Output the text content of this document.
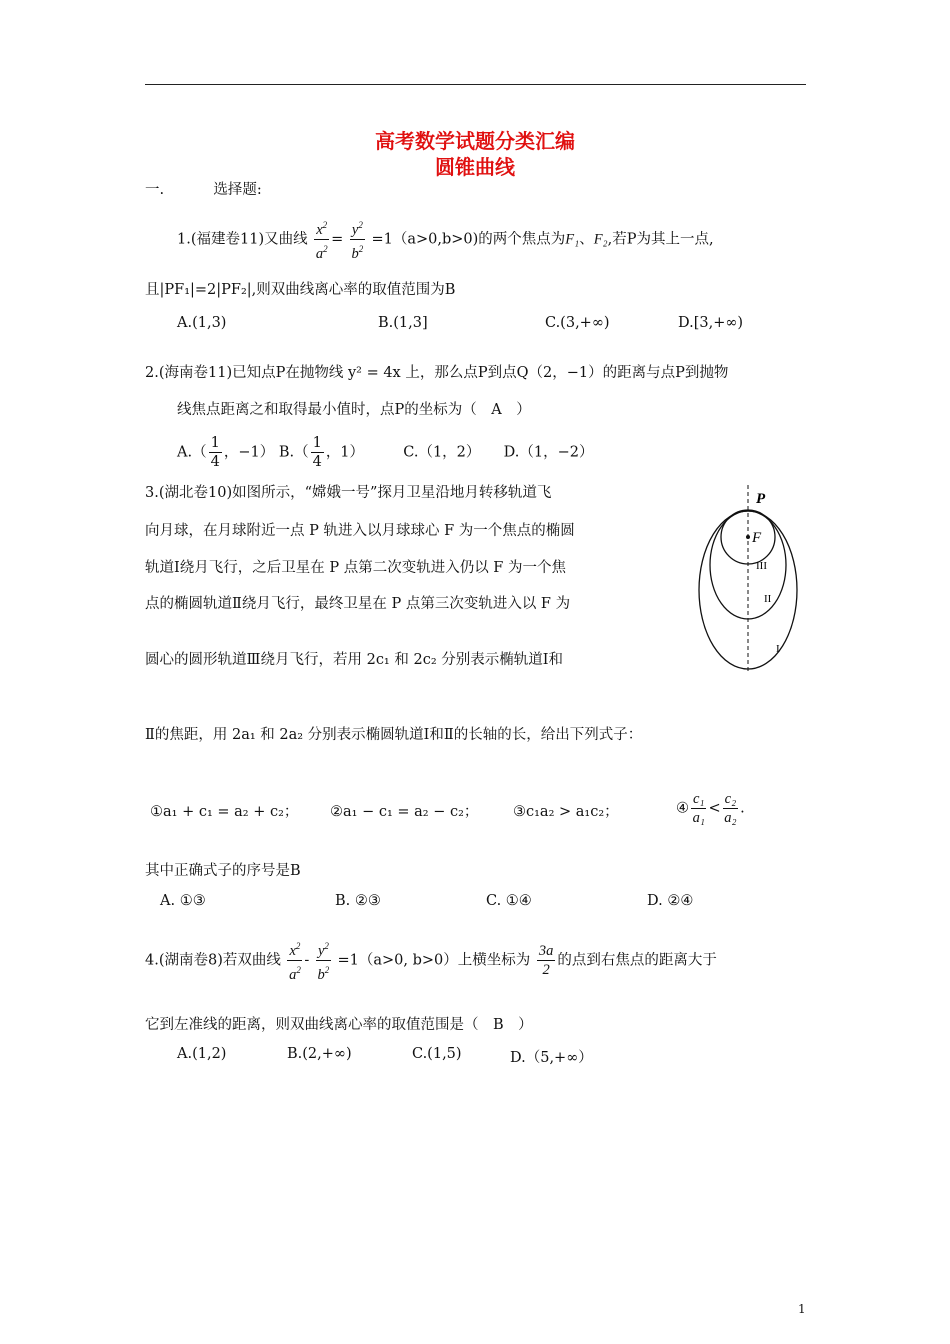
高考数学试题分类汇编
圆锥曲线
一.	选择题:
1.(福建卷11)又曲线 $\frac{x^2}{a^2} = \frac{y^2}{b^2} =1(a>0,b>0)$的两个焦点为F₁、F₂,若P为其上一点,
且|PF₁|=2|PF₂|,则双曲线离心率的取值范围为B
A.(1,3)	B.(1,3]	C.(3,+∞)	D.[3,+∞)
2.(海南卷11)已知点P在抛物线 y² = 4x 上，那么点P到点Q（2，−1）的距离与点P到抛物
线焦点距离之和取得最小值时，点P的坐标为（　A　）
$A.( \frac{1}{4}$ ，−1） $B.( \frac{1}{4}$ ，1）	C.（1，2） D.（1，−2）
3.(湖北卷10)如图所示，“嫦娥一号”探月卫星沿地月转移轨道飞
向月球，在月球附近一点 P 轨进入以月球球心 F 为一个焦点的椭圆
轨道Ⅰ绕月飞行，之后卫星在 P 点第二次变轨进入仍以 F 为一个焦
点的椭圆轨道Ⅱ绕月飞行，最终卫星在 P 点第三次变轨进入以 F 为
圆心的圆形轨道Ⅲ绕月飞行，若用 2c₁ 和 2c₂ 分别表示椭轨道Ⅰ和
Ⅱ的焦距，用 2a₁ 和 2a₂ 分别表示椭圆轨道Ⅰ和Ⅱ的长轴的长，给出下列式子：
P
F
III
II
I
①a₁ + c₁ = a₂ + c₂； ②a₁ − c₁ = a₂ − c₂； ③c₁a₂ > a₁c₂；	④ $\frac{\text{c₁}}{\text{a₁}} < \frac{\text{c₂}}{\text{a₂}}$ .
其中正确式子的序号是B
A. ①③	B. ②③	C. ①④	D. ②④
4.(湖南卷8)若双曲线 $\frac{x^2}{a^2} - \frac{y^2}{b^2} =1(a>0$, b>0）上横坐标为 $\frac{3a}{2}$ 的点到右焦点的距离大于
它到左准线的距离，则双曲线离心率的取值范围是（　B　）
A.(1,2)	B.(2,+∞)	C.(1,5)	D.（5,+∞）
1
